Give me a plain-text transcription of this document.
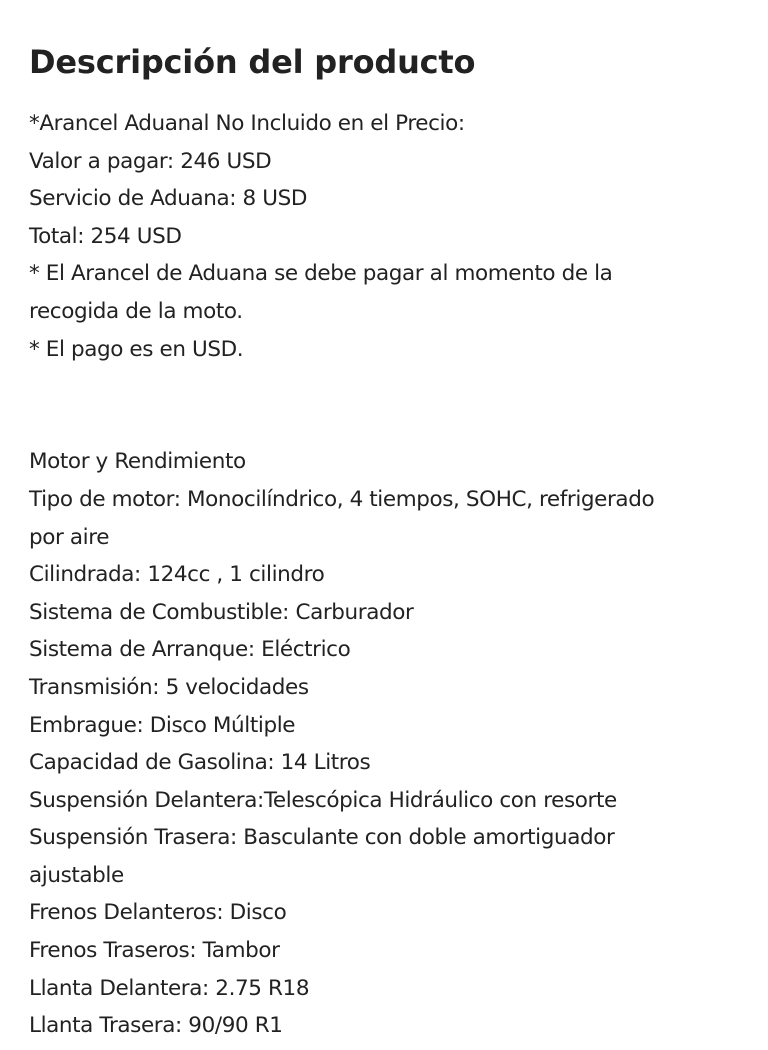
Descripción del producto
*Arancel Aduanal No Incluido en el Precio:
Valor a pagar: 246 USD
Servicio de Aduana: 8 USD
Total: 254 USD
* El Arancel de Aduana se debe pagar al momento de la
recogida de la moto.
* El pago es en USD.
Motor y Rendimiento
Tipo de motor: Monocilíndrico, 4 tiempos, SOHC, refrigerado
por aire
Cilindrada: 124cc , 1 cilindro
Sistema de Combustible: Carburador
Sistema de Arranque: Eléctrico
Transmisión: 5 velocidades
Embrague: Disco Múltiple
Capacidad de Gasolina: 14 Litros
Suspensión Delantera:Telescópica Hidráulico con resorte
Suspensión Trasera: Basculante con doble amortiguador
ajustable
Frenos Delanteros: Disco
Frenos Traseros: Tambor
Llanta Delantera: 2.75 R18
Llanta Trasera: 90/90 R1
